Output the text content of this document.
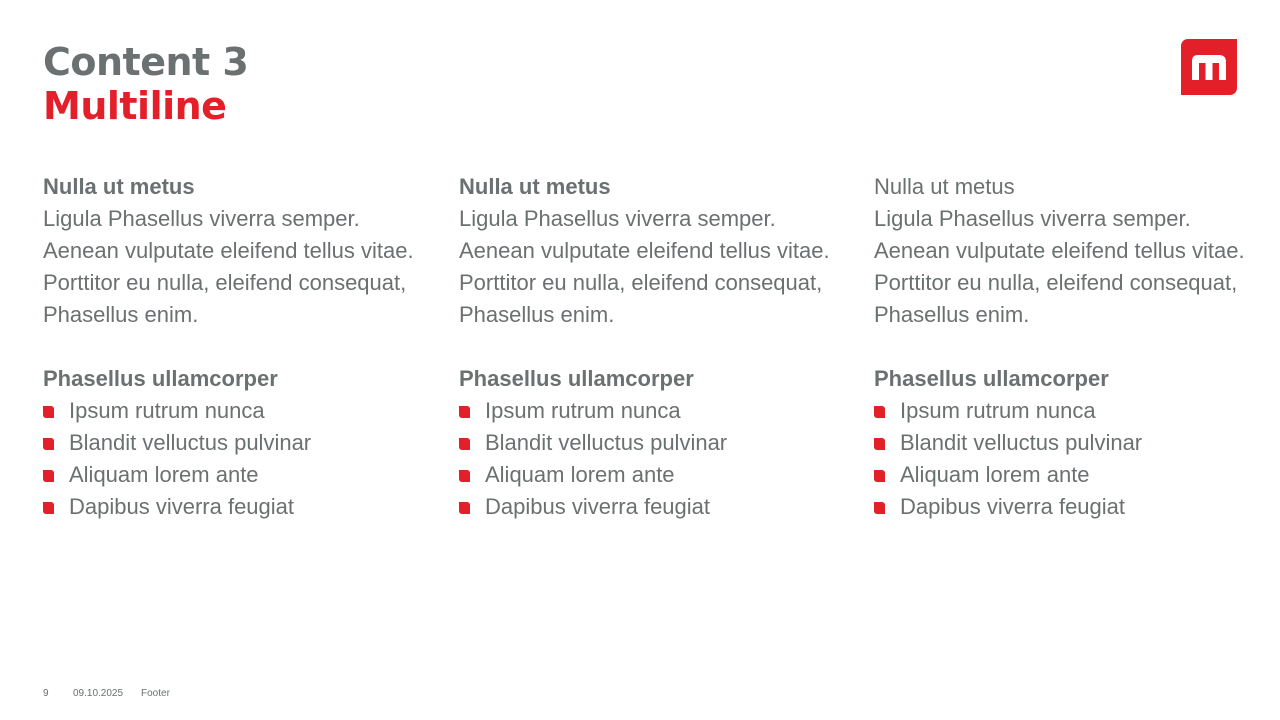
Content 3
Multiline
Nulla ut metus

Ligula Phasellus viverra semper. Aenean vulputate eleifend tellus vitae. Porttitor eu nulla, eleifend consequat, Phasellus enim.

Phasellus ullamcorper
Ipsum rutrum nunca
Blandit velluctus pulvinar
Aliquam lorem ante
Dapibus viverra feugiat
Nulla ut metus

Ligula Phasellus viverra semper. Aenean vulputate eleifend tellus vitae. Porttitor eu nulla, eleifend consequat, Phasellus enim.

Phasellus ullamcorper
Ipsum rutrum nunca
Blandit velluctus pulvinar
Aliquam lorem ante
Dapibus viverra feugiat
Nulla ut metus

Ligula Phasellus viverra semper. Aenean vulputate eleifend tellus vitae. Porttitor eu nulla, eleifend consequat, Phasellus enim.

Phasellus ullamcorper
Ipsum rutrum nunca
Blandit velluctus pulvinar
Aliquam lorem ante
Dapibus viverra feugiat
9 09.10.2025 Footer
